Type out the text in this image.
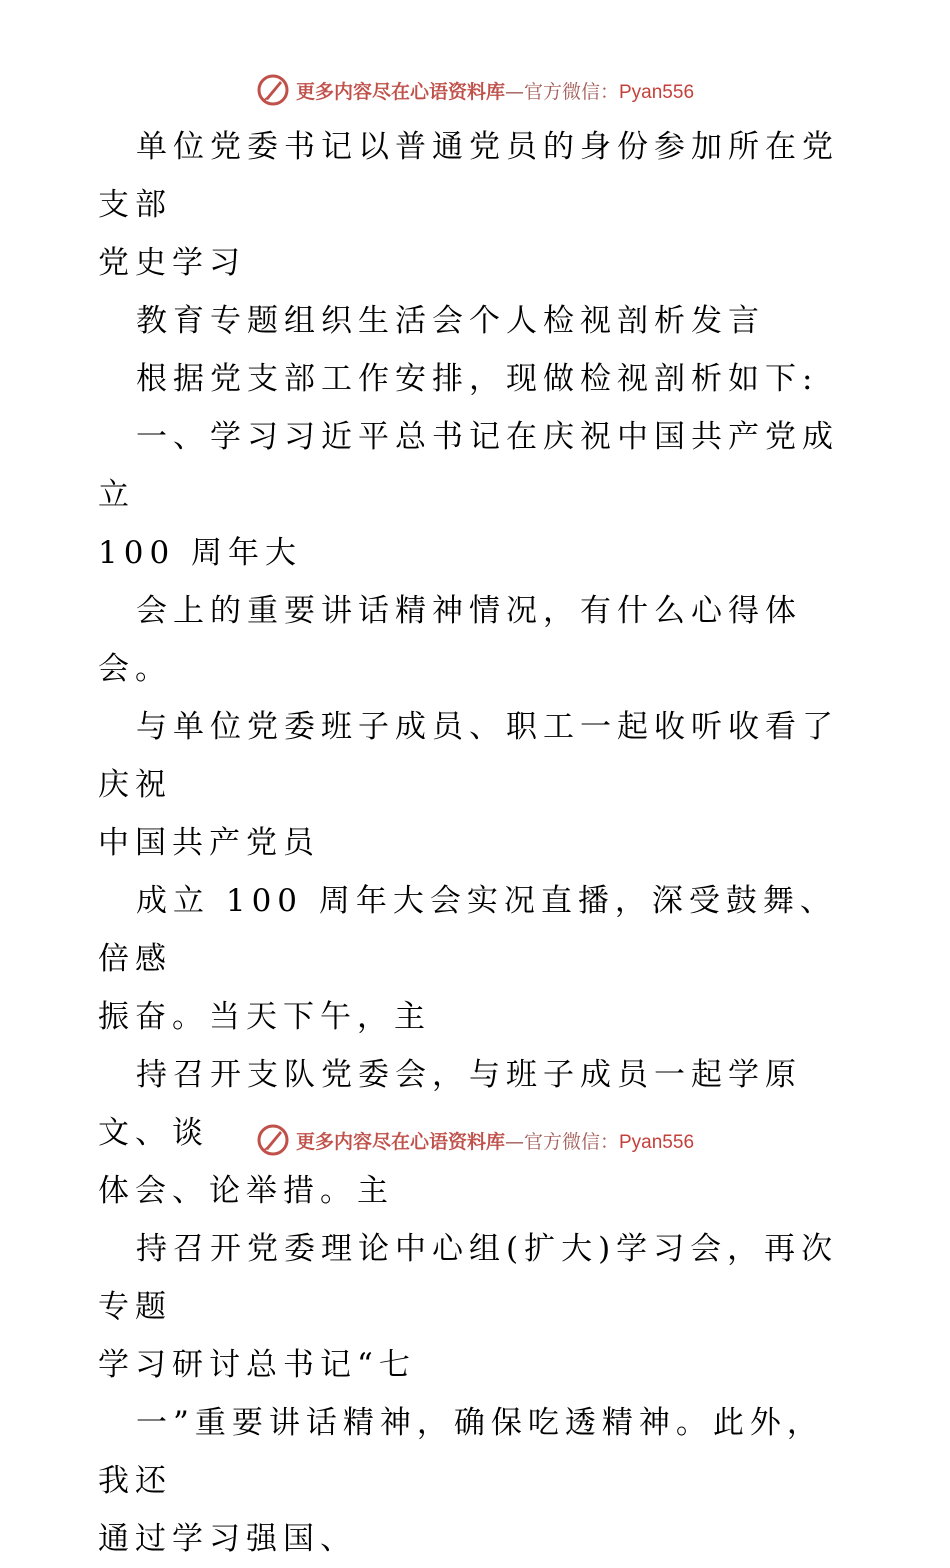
更多内容尽在心语资料库—官方微信：Pyan556

单位党委书记以普通党员的身份参加所在党支部
党史学习

教育专题组织生活会个人检视剖析发言

根据党支部工作安排，现做检视剖析如下:

一、学习习近平总书记在庆祝中国共产党成立
100 周年大

会上的重要讲话精神情况，有什么心得体会。

与单位党委班子成员、职工一起收听收看了庆祝
中国共产党员

成立 100 周年大会实况直播，深受鼓舞、倍感
振奋。当天下午，主

持召开支队党委会，与班子成员一起学原文、谈
体会、论举措。主

持召开党委理论中心组(扩大)学习会，再次专题
学习研讨总书记“七

一”重要讲话精神，确保吃透精神。此外，我还
通过学习强国、

更多内容尽在心语资料库—官方微信：Pyan556
